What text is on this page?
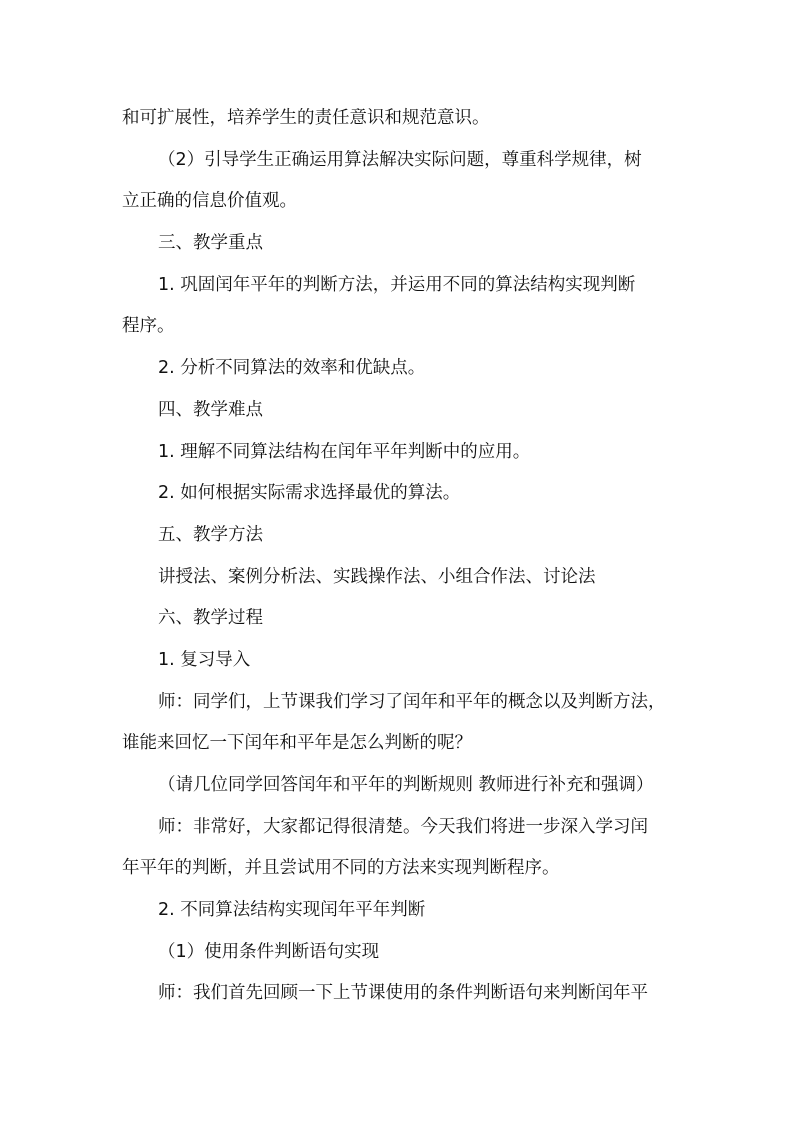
和可扩展性，培养学生的责任意识和规范意识。
（2）引导学生正确运用算法解决实际问题，尊重科学规律，树
立正确的信息价值观。
三、教学重点
1. 巩固闰年平年的判断方法，并运用不同的算法结构实现判断
程序。
2. 分析不同算法的效率和优缺点。
四、教学难点
1. 理解不同算法结构在闰年平年判断中的应用。
2. 如何根据实际需求选择最优的算法。
五、教学方法
讲授法、案例分析法、实践操作法、小组合作法、讨论法
六、教学过程
1. 复习导入
师：同学们，上节课我们学习了闰年和平年的概念以及判断方法，
谁能来回忆一下闰年和平年是怎么判断的呢？
（请几位同学回答闰年和平年的判断规则 教师进行补充和强调）
师：非常好，大家都记得很清楚。今天我们将进一步深入学习闰
年平年的判断，并且尝试用不同的方法来实现判断程序。
2. 不同算法结构实现闰年平年判断
（1）使用条件判断语句实现
师：我们首先回顾一下上节课使用的条件判断语句来判断闰年平
